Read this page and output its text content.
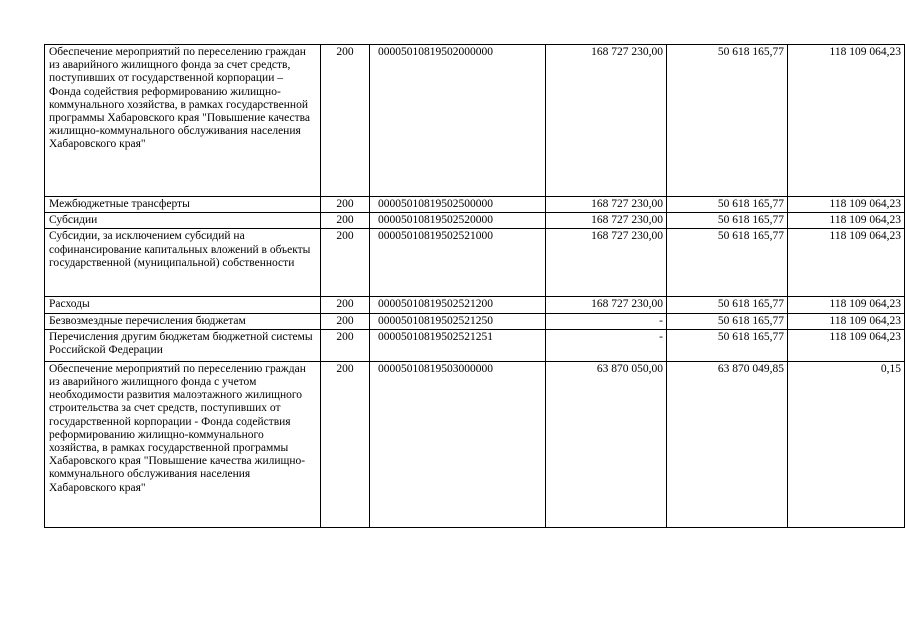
Обеспечение мероприятий по переселению граждан из аварийного жилищного фонда за счет средств, поступивших от государственной корпорации – Фонда содействия реформированию жилищно-коммунального хозяйства, в рамках государственной программы Хабаровского края "Повышение качества жилищно-коммунального обслуживания населения Хабаровского края"	200	00005010819502000000	168 727 230,00	50 618 165,77	118 109 064,23
Межбюджетные трансферты	200	00005010819502500000	168 727 230,00	50 618 165,77	118 109 064,23
Субсидии	200	00005010819502520000	168 727 230,00	50 618 165,77	118 109 064,23
Субсидии, за исключением субсидий на софинансирование капитальных вложений в объекты государственной (муниципальной) собственности	200	00005010819502521000	168 727 230,00	50 618 165,77	118 109 064,23
Расходы	200	00005010819502521200	168 727 230,00	50 618 165,77	118 109 064,23
Безвозмездные перечисления бюджетам	200	00005010819502521250	-	50 618 165,77	118 109 064,23
Перечисления другим бюджетам бюджетной системы Российской Федерации	200	00005010819502521251	-	50 618 165,77	118 109 064,23
Обеспечение мероприятий по переселению граждан из аварийного жилищного фонда с учетом необходимости развития малоэтажного жилищного строительства за счет средств, поступивших от государственной корпорации - Фонда содействия реформированию жилищно-коммунального хозяйства, в рамках государственной программы Хабаровского края "Повышение качества жилищно-коммунального обслуживания населения Хабаровского края"	200	00005010819503000000	63 870 050,00	63 870 049,85	0,15
